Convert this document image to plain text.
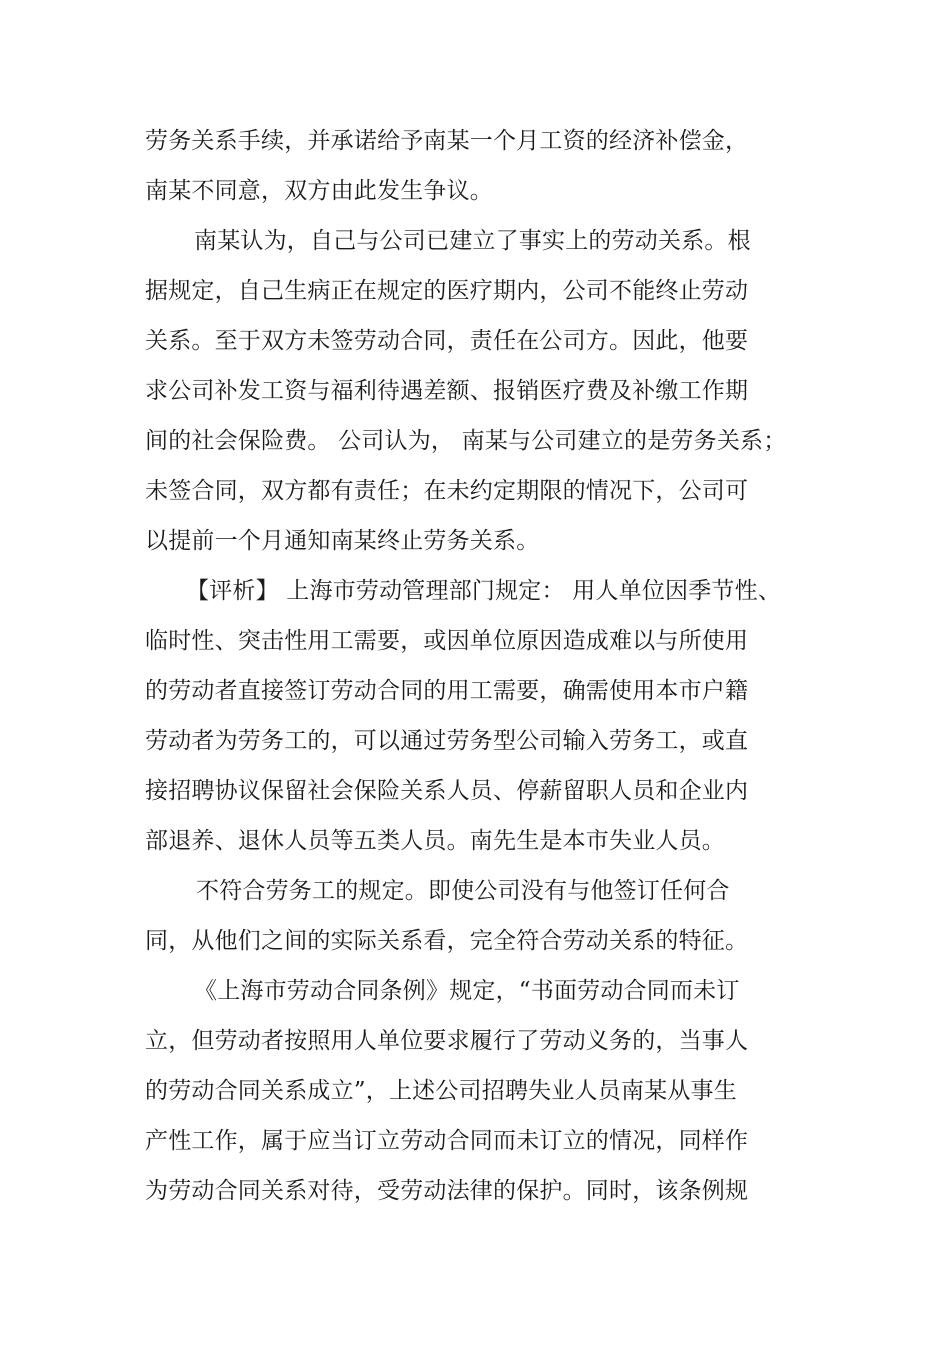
劳务关系手续，并承诺给予南某一个月工资的经济补偿金，
南某不同意，双方由此发生争议。
南某认为，自己与公司已建立了事实上的劳动关系。根
据规定，自己生病正在规定的医疗期内，公司不能终止劳动
关系。至于双方未签劳动合同，责任在公司方。因此，他要
求公司补发工资与福利待遇差额、报销医疗费及补缴工作期
间的社会保险费。 公司认为， 南某与公司建立的是劳务关系；
未签合同，双方都有责任；在未约定期限的情况下，公司可
以提前一个月通知南某终止劳务关系。
【评析】 上海市劳动管理部门规定： 用人单位因季节性、
临时性、突击性用工需要，或因单位原因造成难以与所使用
的劳动者直接签订劳动合同的用工需要，确需使用本市户籍
劳动者为劳务工的，可以通过劳务型公司输入劳务工，或直
接招聘协议保留社会保险关系人员、停薪留职人员和企业内
部退养、退休人员等五类人员。南先生是本市失业人员。
不符合劳务工的规定。即使公司没有与他签订任何合
同，从他们之间的实际关系看，完全符合劳动关系的特征。
《上海市劳动合同条例》规定，“书面劳动合同而未订
立，但劳动者按照用人单位要求履行了劳动义务的，当事人
的劳动合同关系成立”，上述公司招聘失业人员南某从事生
产性工作，属于应当订立劳动合同而未订立的情况，同样作
为劳动合同关系对待，受劳动法律的保护。同时，该条例规
